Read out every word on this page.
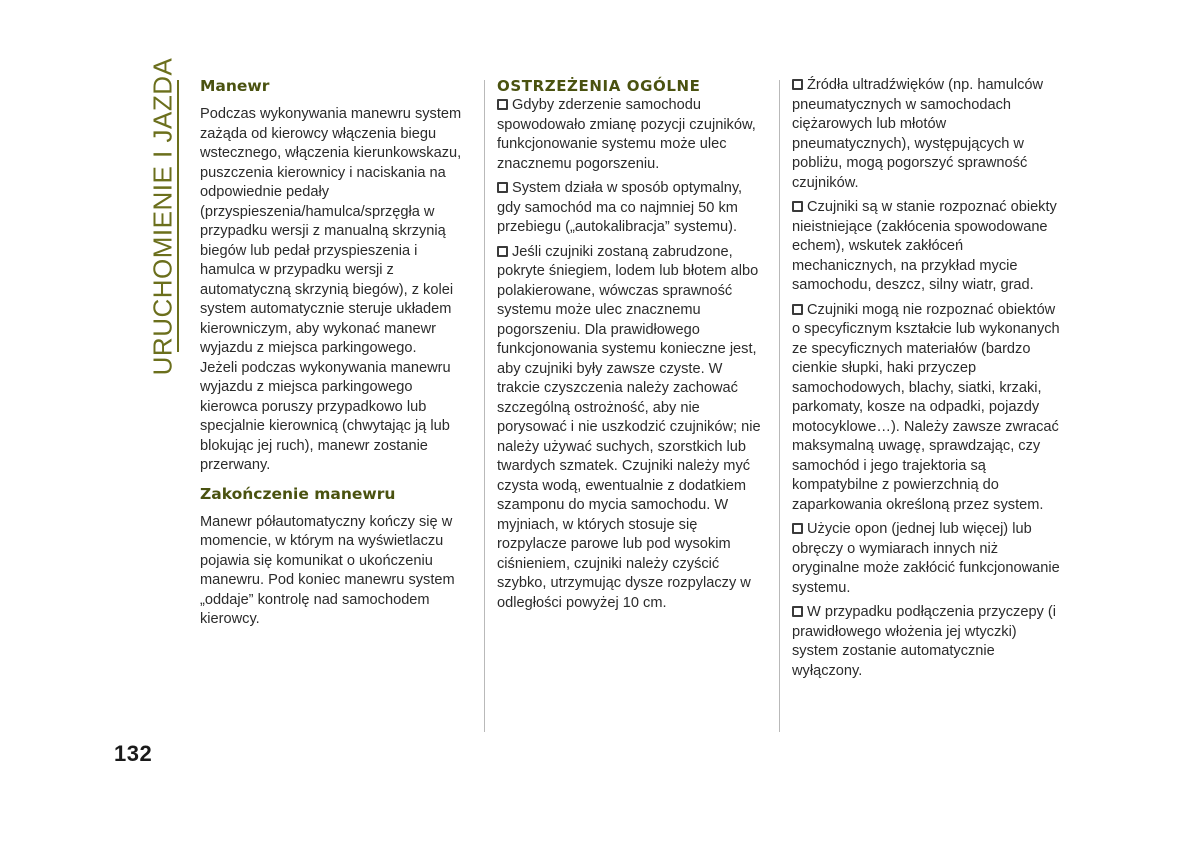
URUCHOMIENIE I JAZDA Manewr

Podczas wykonywania manewru system zażąda od kierowcy włączenia biegu wstecznego, włączenia kierunkowskazu, puszczenia kierownicy i naciskania na odpowiednie pedały (przyspieszenia/hamulca/sprzęgła w przypadku wersji z manualną skrzynią biegów lub pedał przyspieszenia i hamulca w przypadku wersji z automatyczną skrzynią biegów), z kolei system automatycznie steruje układem kierowniczym, aby wykonać manewr wyjazdu z miejsca parkingowego.

Jeżeli podczas wykonywania manewru wyjazdu z miejsca parkingowego kierowca poruszy przypadkowo lub specjalnie kierownicą (chwytając ją lub blokując jej ruch), manewr zostanie przerwany.

Zakończenie manewru

Manewr półautomatyczny kończy się w momencie, w którym na wyświetlaczu pojawia się komunikat o ukończeniu manewru. Pod koniec manewru system „oddaje” kontrolę nad samochodem kierowcy.

OSTRZEŻENIA OGÓLNE

Gdyby zderzenie samochodu spowodowało zmianę pozycji czujników, funkcjonowanie systemu może ulec znacznemu pogorszeniu.

System działa w sposób optymalny, gdy samochód ma co najmniej 50 km przebiegu („autokalibracja” systemu).

Jeśli czujniki zostaną zabrudzone, pokryte śniegiem, lodem lub błotem albo polakierowane, wówczas sprawność systemu może ulec znacznemu pogorszeniu. Dla prawidłowego funkcjonowania systemu konieczne jest, aby czujniki były zawsze czyste. W trakcie czyszczenia należy zachować szczególną ostrożność, aby nie porysować i nie uszkodzić czujników; nie należy używać suchych, szorstkich lub twardych szmatek. Czujniki należy myć czysta wodą, ewentualnie z dodatkiem szamponu do mycia samochodu. W myjniach, w których stosuje się rozpylacze parowe lub pod wysokim ciśnieniem, czujniki należy czyścić szybko, utrzymując dysze rozpylaczy w odległości powyżej 10 cm.

Źródła ultradźwięków (np. hamulców pneumatycznych w samochodach ciężarowych lub młotów pneumatycznych), występujących w pobliżu, mogą pogorszyć sprawność czujników.

Czujniki są w stanie rozpoznać obiekty nieistniejące (zakłócenia spowodowane echem), wskutek zakłóceń mechanicznych, na przykład mycie samochodu, deszcz, silny wiatr, grad.

Czujniki mogą nie rozpoznać obiektów o specyficznym kształcie lub wykonanych ze specyficznych materiałów (bardzo cienkie słupki, haki przyczep samochodowych, blachy, siatki, krzaki, parkomaty, kosze na odpadki, pojazdy motocyklowe…). Należy zawsze zwracać maksymalną uwagę, sprawdzając, czy samochód i jego trajektoria są kompatybilne z powierzchnią do zaparkowania określoną przez system.

Użycie opon (jednej lub więcej) lub obręczy o wymiarach innych niż oryginalne może zakłócić funkcjonowanie systemu.

W przypadku podłączenia przyczepy (i prawidłowego włożenia jej wtyczki) system zostanie automatycznie wyłączony.

132
